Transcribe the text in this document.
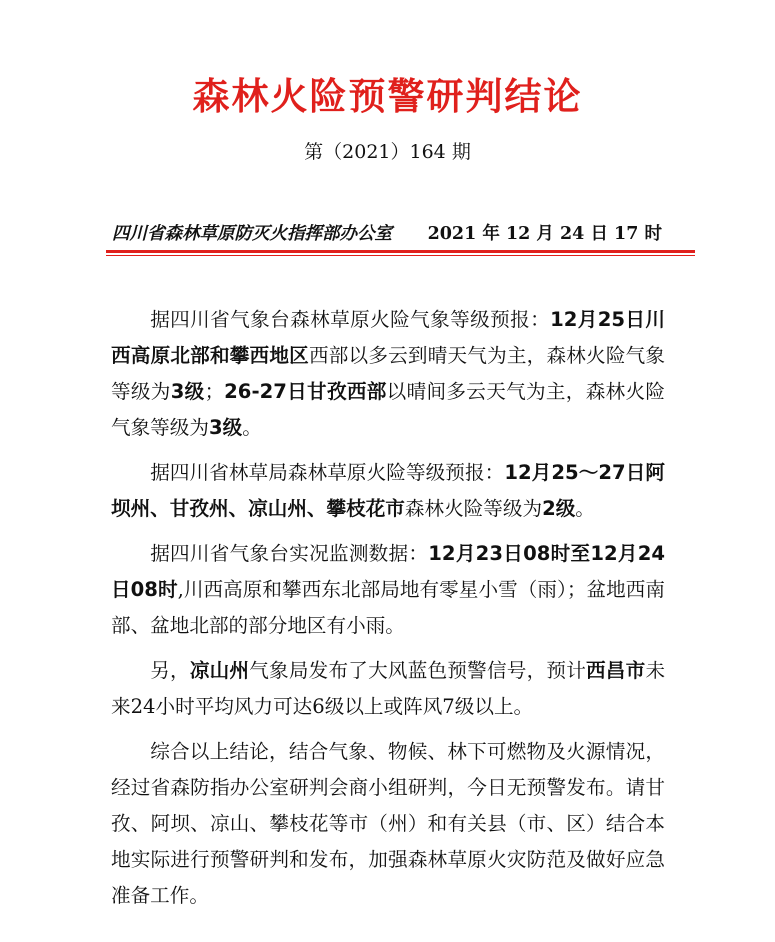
森林火险预警研判结论
第（2021）164 期
四川省森林草原防灭火指挥部办公室 2021 年 12 月 24 日 17 时

据四川省气象台森林草原火险气象等级预报：12月25日川西高原北部和攀西地区西部以多云到晴天气为主，森林火险气象等级为3级；26-27日甘孜西部以晴间多云天气为主，森林火险气象等级为3级。

据四川省林草局森林草原火险等级预报：12月25～27日阿坝州、甘孜州、凉山州、攀枝花市森林火险等级为2级。

据四川省气象台实况监测数据：12月23日08时至12月24日08时,川西高原和攀西东北部局地有零星小雪（雨）；盆地西南部、盆地北部的部分地区有小雨。

另，凉山州气象局发布了大风蓝色预警信号，预计西昌市未来24小时平均风力可达6级以上或阵风7级以上。

综合以上结论，结合气象、物候、林下可燃物及火源情况，经过省森防指办公室研判会商小组研判，今日无预警发布。请甘孜、阿坝、凉山、攀枝花等市（州）和有关县（市、区）结合本地实际进行预警研判和发布，加强森林草原火灾防范及做好应急准备工作。
